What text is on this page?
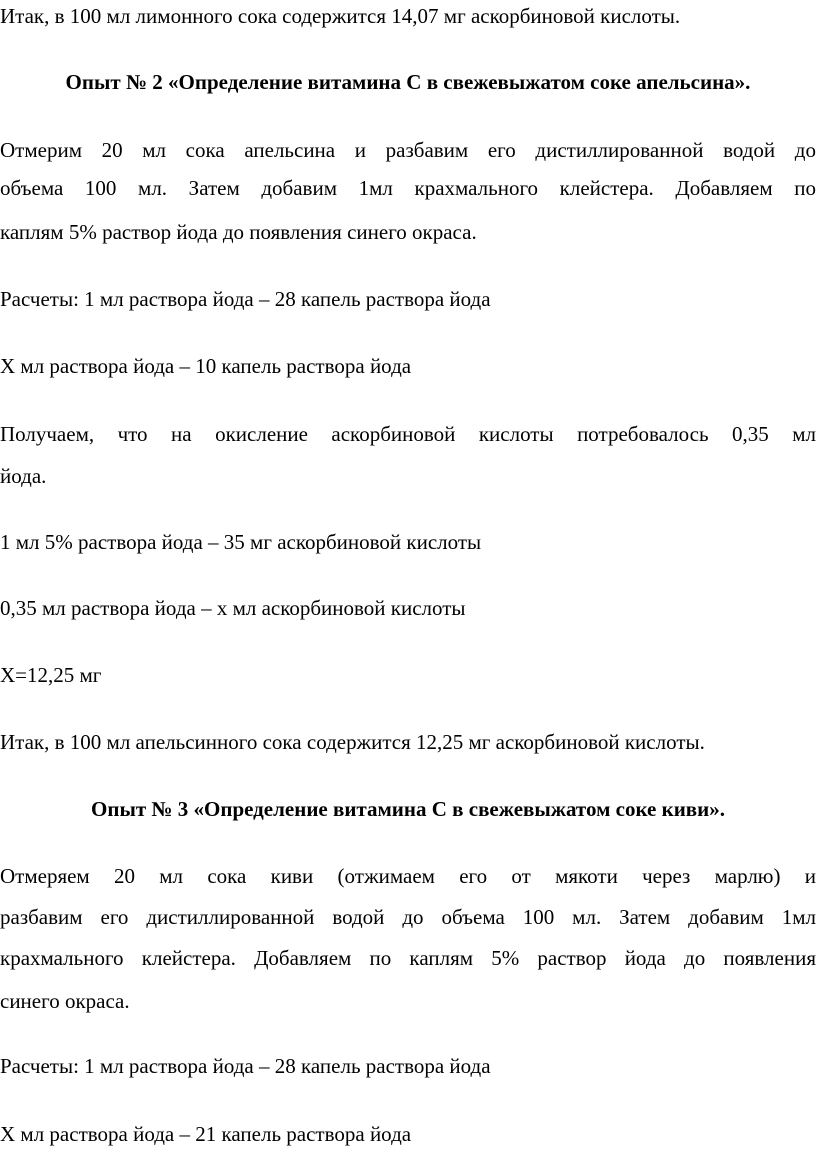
Итак, в 100 мл лимонного сока содержится 14,07 мг аскорбиновой кислоты.
Опыт № 2 «Определение витамина С в свежевыжатом соке апельсина».
Отмерим 20 мл сока апельсина и разбавим его дистиллированной водой до
объема 100 мл. Затем добавим 1мл крахмального клейстера. Добавляем по
каплям 5% раствор йода до появления синего окраса.
Расчеты: 1 мл раствора йода – 28 капель раствора йода
Х мл раствора йода – 10 капель раствора йода
Получаем, что на окисление аскорбиновой кислоты потребовалось 0,35 мл
йода.
1 мл 5% раствора йода – 35 мг аскорбиновой кислоты
0,35 мл раствора йода – х мл аскорбиновой кислоты
Х=12,25 мг
Итак, в 100 мл апельсинного сока содержится 12,25 мг аскорбиновой кислоты.
Опыт № 3 «Определение витамина С в свежевыжатом соке киви».
Отмеряем 20 мл сока киви (отжимаем его от мякоти через марлю) и
разбавим его дистиллированной водой до объема 100 мл. Затем добавим 1мл
крахмального клейстера. Добавляем по каплям 5% раствор йода до появления
синего окраса.
Расчеты: 1 мл раствора йода – 28 капель раствора йода
Х мл раствора йода – 21 капель раствора йода
